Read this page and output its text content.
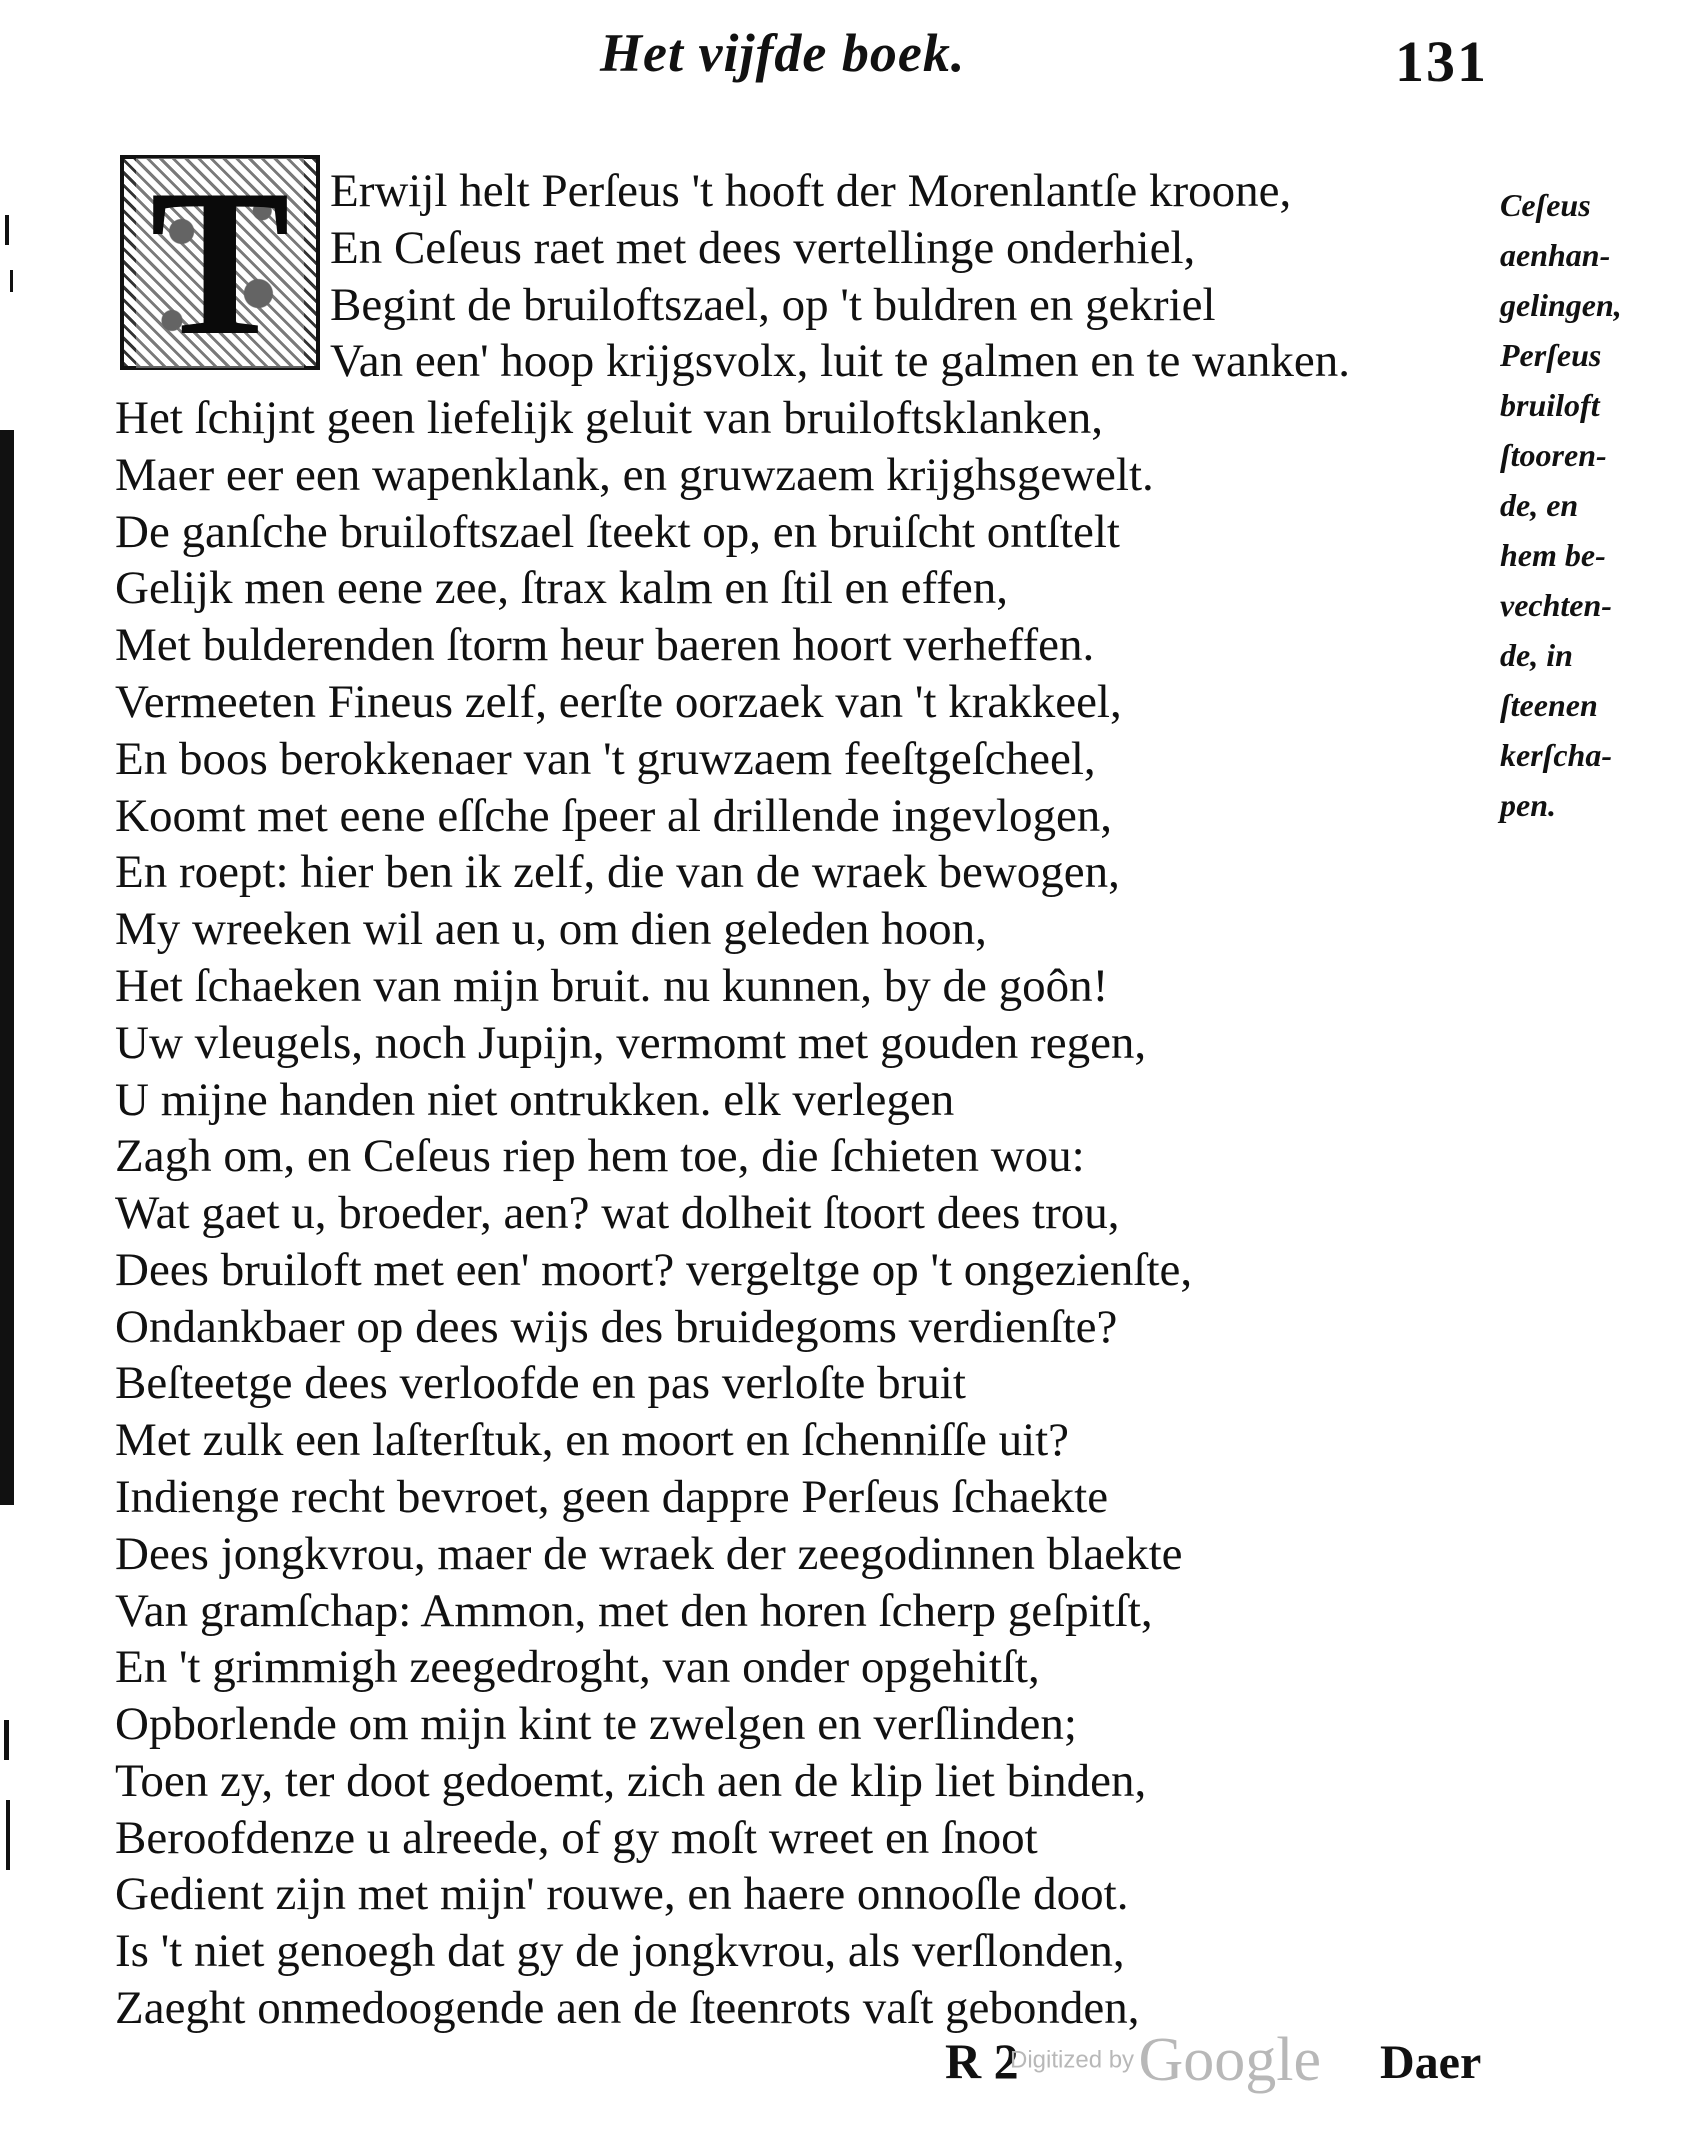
Het vijfde boek.	131
T Erwijl helt Perſeus 't hooft der Morenlantſe kroone,
En Ceſeus raet met dees vertellinge onderhiel,
Begint de bruiloftszael, op 't buldren en gekriel
Van een' hoop krijgsvolx, luit te galmen en te wanken.
Het ſchijnt geen liefelijk geluit van bruiloftsklanken,
Maer eer een wapenklank, en gruwzaem krijghsgewelt.
De ganſche bruiloftszael ſteekt op, en bruiſcht ontſtelt
Gelijk men eene zee, ſtrax kalm en ſtil en effen,
Met bulderenden ſtorm heur baeren hoort verheffen.
Vermeeten Fineus zelf, eerſte oorzaek van 't krakkeel,
En boos berokkenaer van 't gruwzaem feeſtgeſcheel,
Koomt met eene eſſche ſpeer al drillende ingevlogen,
En roept: hier ben ik zelf, die van de wraek bewogen,
My wreeken wil aen u, om dien geleden hoon,
Het ſchaeken van mijn bruit. nu kunnen, by de goôn!
Uw vleugels, noch Jupijn, vermomt met gouden regen,
U mijne handen niet ontrukken. elk verlegen
Zagh om, en Ceſeus riep hem toe, die ſchieten wou:
Wat gaet u, broeder, aen? wat dolheit ſtoort dees trou,
Dees bruiloft met een' moort? vergeltge op 't ongezienſte,
Ondankbaer op dees wijs des bruidegoms verdienſte?
Beſteetge dees verloofde en pas verloſte bruit
Met zulk een laſterſtuk, en moort en ſchenniſſe uit?
Indienge recht bevroet, geen dappre Perſeus ſchaekte
Dees jongkvrou, maer de wraek der zeegodinnen blaekte
Van gramſchap: Ammon, met den horen ſcherp geſpitſt,
En 't grimmigh zeegedroght, van onder opgehitſt,
Opborlende om mijn kint te zwelgen en verſlinden;
Toen zy, ter doot gedoemt, zich aen de klip liet binden,
Beroofdenze u alreede, of gy moſt wreet en ſnoot
Gedient zijn met mijn' rouwe, en haere onnooſle doot.
Is 't niet genoegh dat gy de jongkvrou, als verſlonden,
Zaeght onmedoogende aen de ſteenrots vaſt gebonden,
Ceſeus
aenhan-
gelingen,
Perſeus
bruiloft
ſtooren-
de, en
hem be-
vechten-
de, in
ſteenen
kerſcha-
pen.
R 2
Digitized by Google Daer
